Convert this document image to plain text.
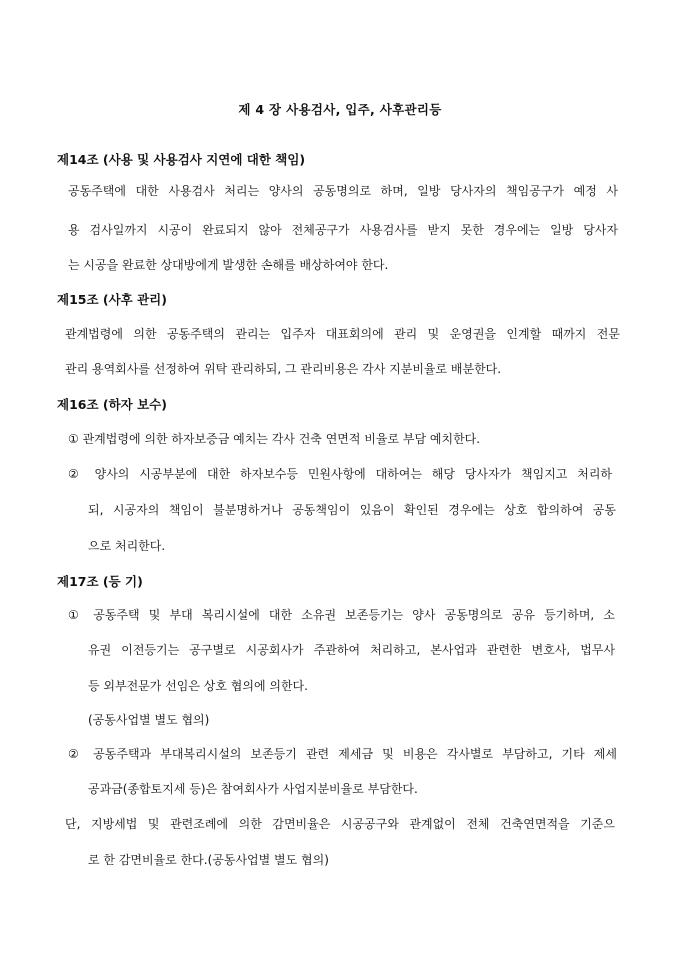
제 4 장 사용검사, 입주, 사후관리등
제14조 (사용 및 사용검사 지연에 대한 책임)
공동주택에 대한 사용검사 처리는 양사의 공동명의로 하며, 일방 당사자의 책임공구가 예정 사
용 검사일까지 시공이 완료되지 않아 전체공구가 사용검사를 받지 못한 경우에는 일방 당사자
는 시공을 완료한 상대방에게 발생한 손해를 배상하여야 한다.
제15조 (사후 관리)
관계법령에 의한 공동주택의 관리는 입주자 대표회의에 관리 및 운영권을 인계할 때까지 전문
관리 용역회사를 선정하여 위탁 관리하되, 그 관리비용은 각사 지분비율로 배분한다.
제16조 (하자 보수)
① 관계법령에 의한 하자보증금 예치는 각사 건축 연면적 비율로 부담 예치한다.
② 양사의 시공부분에 대한 하자보수등 민원사항에 대하여는 해당 당사자가 책임지고 처리하
되, 시공자의 책임이 불분명하거나 공동책임이 있음이 확인된 경우에는 상호 합의하여 공동
으로 처리한다.
제17조 (등 기)
① 공동주택 및 부대 복리시설에 대한 소유권 보존등기는 양사 공동명의로 공유 등기하며, 소
유권 이전등기는 공구별로 시공회사가 주관하여 처리하고, 본사업과 관련한 변호사, 법무사
등 외부전문가 선임은 상호 협의에 의한다.
(공동사업별 별도 협의)
② 공동주택과 부대복리시설의 보존등기 관련 제세금 및 비용은 각사별로 부담하고, 기타 제세
공과금(종합토지세 등)은 참여회사가 사업지분비율로 부담한다.
단, 지방세법 및 관련조례에 의한 감면비율은 시공공구와 관계없이 전체 건축연면적을 기준으
로 한 감면비율로 한다.(공동사업별 별도 협의)
